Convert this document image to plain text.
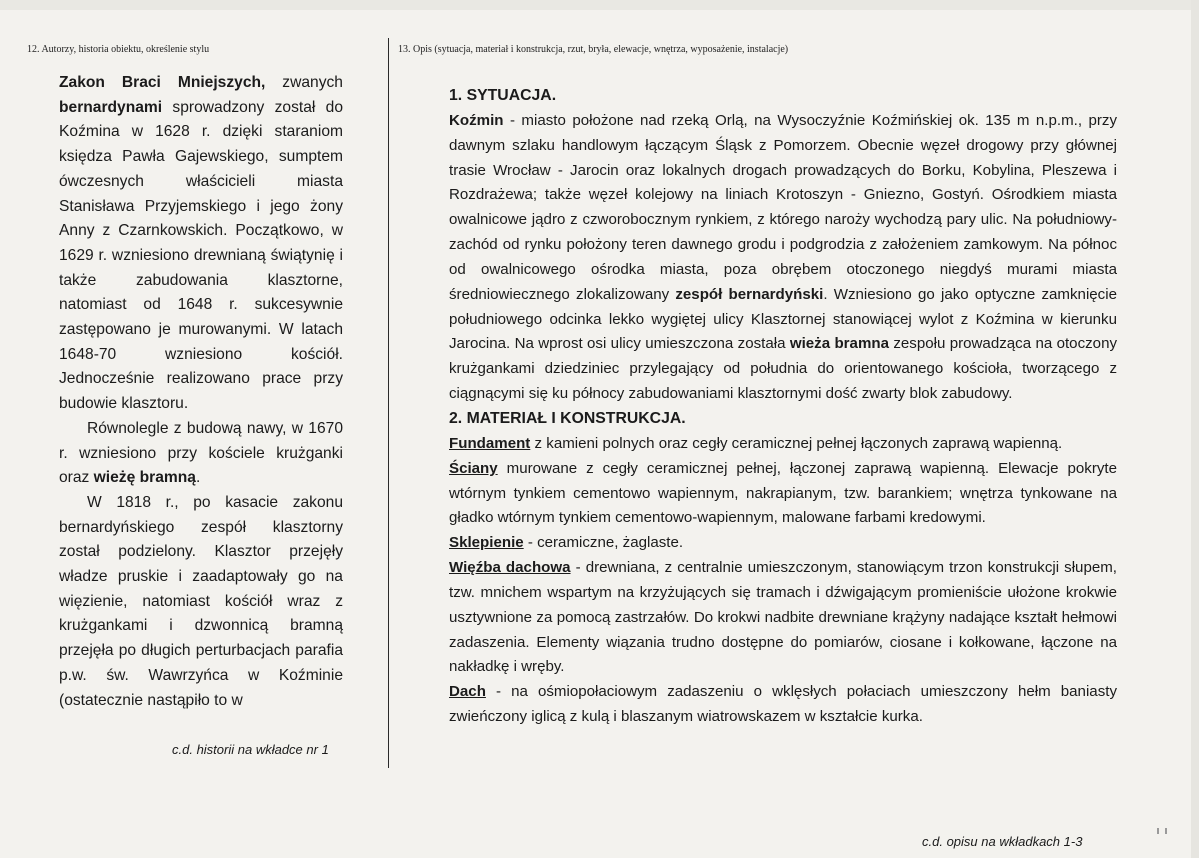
12. Autorzy, historia obiektu, określenie stylu

Zakon Braci Mniejszych, zwanych bernardynami sprowadzony został do Koźmina w 1628 r. dzięki staraniom księdza Pawła Gajewskiego, sumptem ówczesnych właścicieli miasta Stanisława Przyjemskiego i jego żony Anny z Czarnkowskich. Początkowo, w 1629 r. wzniesiono drewnianą świątynię i także zabudowania klasztorne, natomiast od 1648 r. sukcesywnie zastępowano je murowanymi. W latach 1648-70 wzniesiono kościół. Jednocześnie realizowano prace przy budowie klasztoru.

Równolegle z budową nawy, w 1670 r. wzniesiono przy kościele krużganki oraz wieżę bramną.

W 1818 r., po kasacie zakonu bernardyńskiego zespół klasztorny został podzielony. Klasztor przejęły władze pruskie i zaadaptowały go na więzienie, natomiast kościół wraz z krużgankami i dzwonnicą bramną przejęła po długich perturbacjach parafia p.w. św. Wawrzyńca w Koźminie (ostatecznie nastąpiło to w

c.d. historii na wkładce nr 1
13. Opis (sytuacja, materiał i konstrukcja, rzut, bryła, elewacje, wnętrza, wyposażenie, instalacje)

1. SYTUACJA.

Koźmin - miasto położone nad rzeką Orlą, na Wysoczyźnie Koźmińskiej ok. 135 m n.p.m., przy dawnym szlaku handlowym łączącym Śląsk z Pomorzem. Obecnie węzeł drogowy przy głównej trasie Wrocław - Jarocin oraz lokalnych drogach prowadzących do Borku, Kobylina, Pleszewa i Rozdrażewa; także węzeł kolejowy na liniach Krotoszyn - Gniezno, Gostyń. Ośrodkiem miasta owalnicowe jądro z czworobocznym rynkiem, z którego naroży wychodzą pary ulic. Na południowy-zachód od rynku położony teren dawnego grodu i podgrodzia z założeniem zamkowym. Na północ od owalnicowego ośrodka miasta, poza obrębem otoczonego niegdyś murami miasta średniowiecznego zlokalizowany zespół bernardyński. Wzniesiono go jako optyczne zamknięcie południowego odcinka lekko wygiętej ulicy Klasztornej stanowiącej wylot z Koźmina w kierunku Jarocina. Na wprost osi ulicy umieszczona została wieża bramna zespołu prowadząca na otoczony krużgankami dziedziniec przylegający od południa do orientowanego kościoła, tworzącego z ciągnącymi się ku północy zabudowaniami klasztornymi dość zwarty blok zabudowy.

2. MATERIAŁ I KONSTRUKCJA.

Fundament z kamieni polnych oraz cegły ceramicznej pełnej łączonych zaprawą wapienną.

Ściany murowane z cegły ceramicznej pełnej, łączonej zaprawą wapienną. Elewacje pokryte wtórnym tynkiem cementowo wapiennym, nakrapianym, tzw. barankiem; wnętrza tynkowane na gładko wtórnym tynkiem cementowo-wapiennym, malowane farbami kredowymi.

Sklepienie - ceramiczne, żaglaste.

Więźba dachowa - drewniana, z centralnie umieszczonym, stanowiącym trzon konstrukcji słupem, tzw. mnichem wspartym na krzyżujących się tramach i dźwigającym promieniście ułożone krokwie usztywnione za pomocą zastrzałów. Do krokwi nadbite drewniane krążyny nadające kształt hełmowi zadaszenia. Elementy wiązania trudno dostępne do pomiarów, ciosane i kołkowane, łączone na nakładkę i wręby.

Dach - na ośmiopołaciowym zadaszeniu o wklęsłych połaciach umieszczony hełm baniasty zwieńczony iglicą z kulą i blaszanym wiatrowskazem w kształcie kurka.

c.d. opisu na wkładkach 1-3
